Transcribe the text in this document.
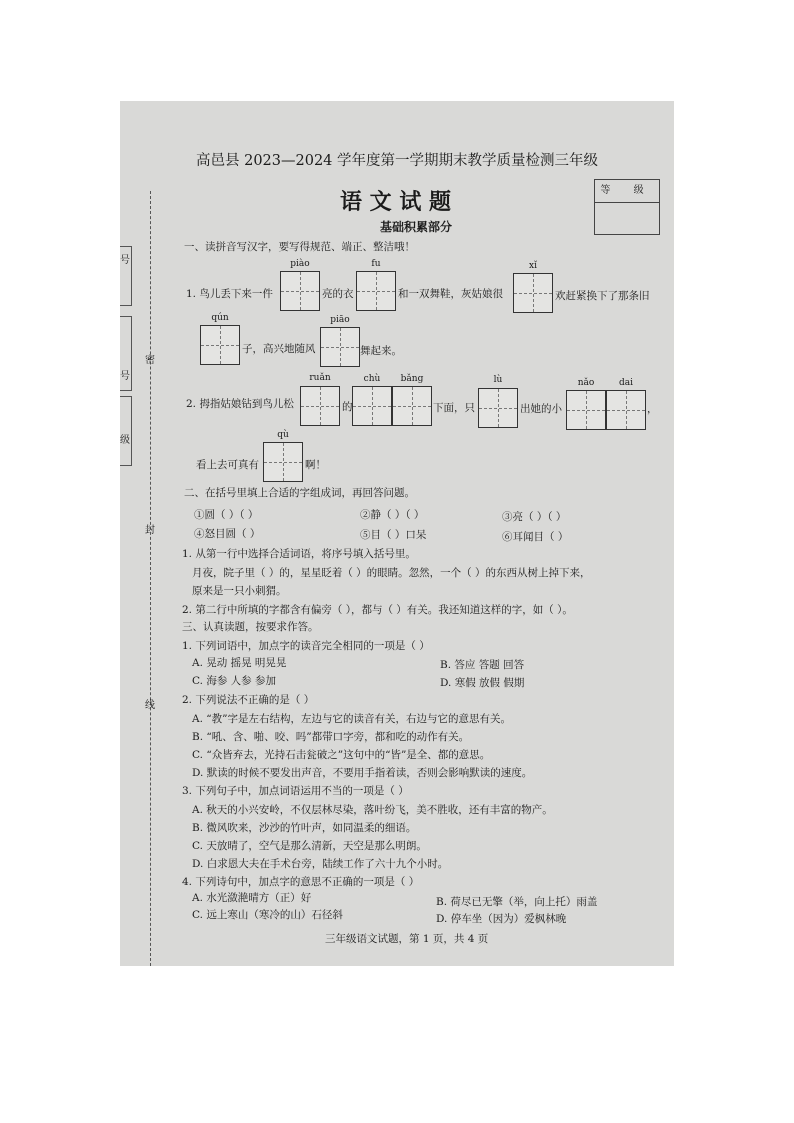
号
号
级
密
封
线
高邑县 2023—2024 学年度第一学期期末教学质量检测三年级
语 文 试 题	等 级
基础积累部分
一、读拼音写汉字，要写得规范、端正、整洁哦！
1. 鸟儿丢下来一件
piào
亮的衣
fu
和一双舞鞋，灰姑娘很
xǐ
欢赶紧换下了那条旧
qún
子，高兴地随风
piāo
舞起来。
2. 拇指姑娘钻到鸟儿松
ruǎn
的
chù	bǎng
下面，只
lù
出她的小
nǎo	dai
，
看上去可真有
qù
啊！
二、在括号里填上合适的字组成词，再回答问题。
①圆（ ）（ ）	②静（ ）（ ）	③亮（ ）（ ）
④怒目圆（ ）	⑤目（ ）口呆	⑥耳闻目（ ）
1. 从第一行中选择合适词语，将序号填入括号里。
月夜，院子里（ ）的，星星眨着（ ）的眼睛。忽然，一个（ ）的东西从树上掉下来，
原来是一只小刺猬。
2. 第二行中所填的字都含有偏旁（ ），都与（ ）有关。我还知道这样的字，如（ ）。
三、认真读题，按要求作答。
1. 下列词语中，加点字的读音完全相同的一项是（ ）
A. 晃动 摇晃 明晃晃	B. 答应 答题 回答
C. 海参 人参 参加	D. 寒假 放假 假期
2. 下列说法不正确的是（ ）
A. “教”字是左右结构，左边与它的读音有关，右边与它的意思有关。
B. “吼、含、啪、咬、吗”都带口字旁，都和吃的动作有关。
C. “众皆弃去，光持石击瓮破之”这句中的“皆”是全、都的意思。
D. 默读的时候不要发出声音，不要用手指着读，否则会影响默读的速度。
3. 下列句子中，加点词语运用不当的一项是（ ）
A. 秋天的小兴安岭，不仅层林尽染，落叶纷飞，美不胜收，还有丰富的物产。
B. 微风吹来，沙沙的竹叶声，如同温柔的细语。
C. 天放晴了，空气是那么清新，天空是那么明朗。
D. 白求恩大夫在手术台旁，陆续工作了六十九个小时。
4. 下列诗句中，加点字的意思不正确的一项是（ ）
A. 水光潋滟晴方（正）好	B. 荷尽已无擎（举，向上托）雨盖
C. 远上寒山（寒冷的山）石径斜	D. 停车坐（因为）爱枫林晚
三年级语文试题，第 1 页，共 4 页
